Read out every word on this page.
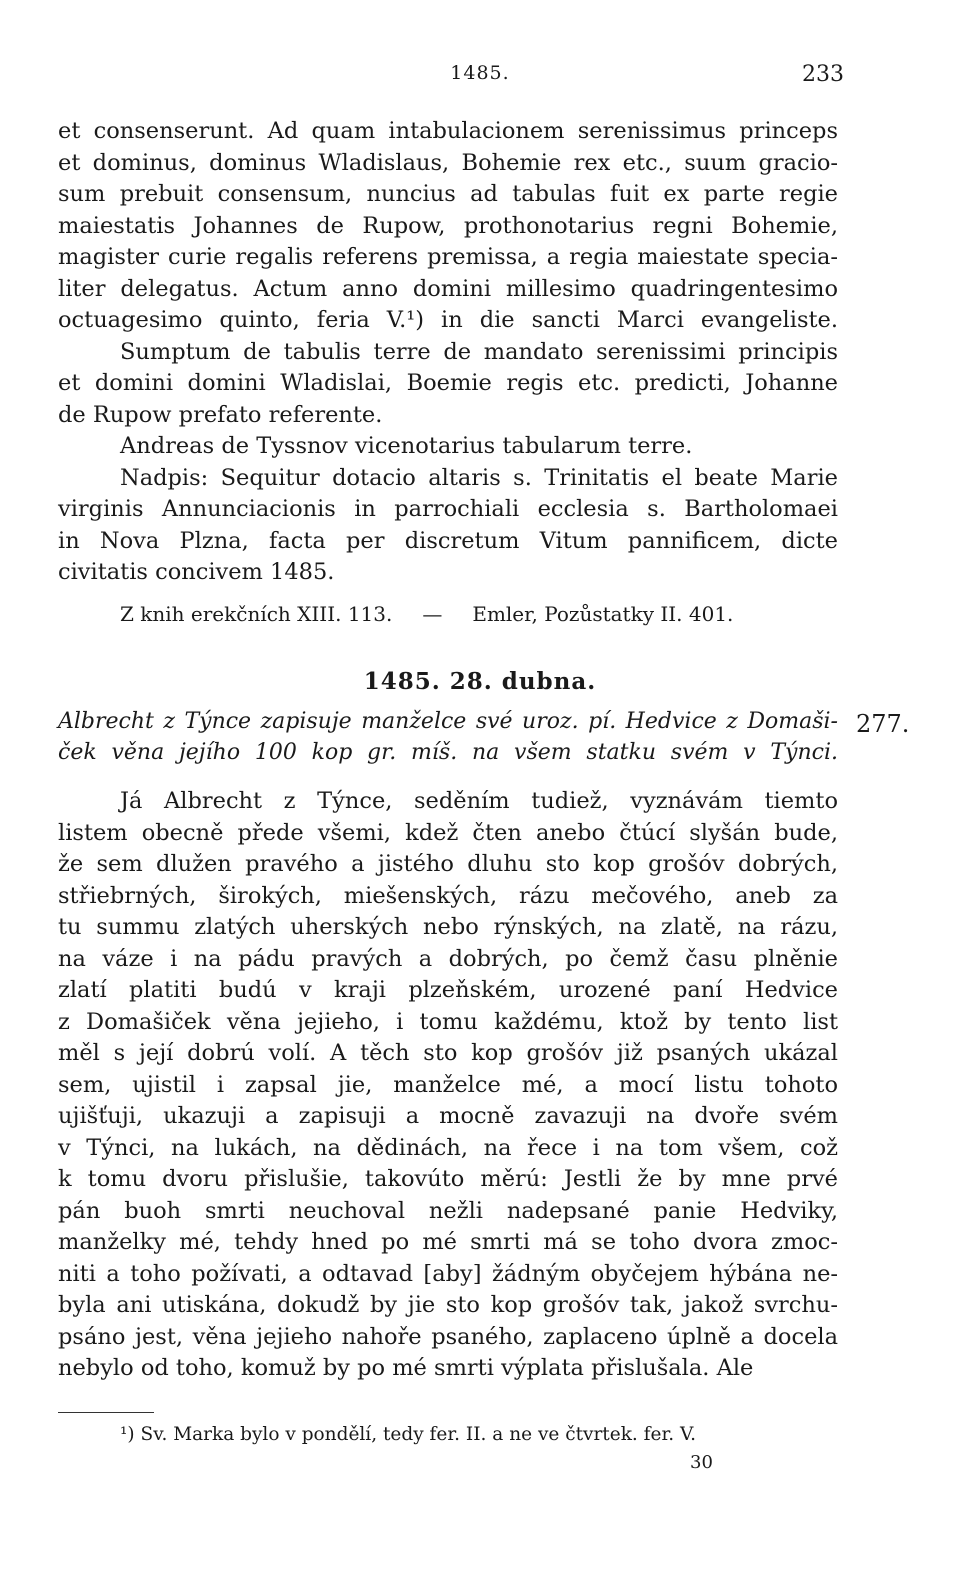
1485.	233
et consenserunt. Ad quam intabulacionem serenissimus princeps
et dominus, dominus Wladislaus, Bohemie rex etc., suum gracio-
sum prebuit consensum, nuncius ad tabulas fuit ex parte regie
maiestatis Johannes de Rupow, prothonotarius regni Bohemie,
magister curie regalis referens premissa, a regia maiestate specia-
liter delegatus. Actum anno domini millesimo quadringentesimo
octuagesimo quinto, feria V.¹) in die sancti Marci evangeliste.
Sumptum de tabulis terre de mandato serenissimi principis
et domini domini Wladislai, Boemie regis etc. predicti, Johanne
de Rupow prefato referente.
Andreas de Tyssnov vicenotarius tabularum terre.
Nadpis: Sequitur dotacio altaris s. Trinitatis el beate Marie
virginis Annunciacionis in parrochiali ecclesia s. Bartholomaei
in Nova Plzna, facta per discretum Vitum pannificem, dicte
civitatis concivem 1485.
Z knih erekčních XIII. 113. — Emler, Pozůstatky II. 401.
1485. 28. dubna.
Albrecht z Týnce zapisuje manželce své uroz. pí. Hedvice z Domaši-
ček věna jejího 100 kop gr. míš. na všem statku svém v Týnci.
277.
Já Albrecht z Týnce, seděním tudiež, vyznávám tiemto
listem obecně přede všemi, kdež čten anebo čtúcí slyšán bude,
že sem dlužen pravého a jistého dluhu sto kop grošóv dobrých,
střiebrných, širokých, miešenských, rázu mečového, aneb za
tu summu zlatých uherských nebo rýnských, na zlatě, na rázu,
na váze i na pádu pravých a dobrých, po čemž času plněnie
zlatí platiti budú v kraji plzeňském, urozené paní Hedvice
z Domašiček věna jejieho, i tomu každému, ktož by tento list
měl s její dobrú volí. A těch sto kop grošóv již psaných ukázal
sem, ujistil i zapsal jie, manželce mé, a mocí listu tohoto
ujišťuji, ukazuji a zapisuji a mocně zavazuji na dvoře svém
v Týnci, na lukách, na dědinách, na řece i na tom všem, což
k tomu dvoru přislušie, takovúto měrú: Jestli že by mne prvé
pán buoh smrti neuchoval nežli nadepsané panie Hedviky,
manželky mé, tehdy hned po mé smrti má se toho dvora zmoc-
niti a toho požívati, a odtavad [aby] žádným obyčejem hýbána ne-
byla ani utiskána, dokudž by jie sto kop grošóv tak, jakož svrchu-
psáno jest, věna jejieho nahoře psaného, zaplaceno úplně a docela
nebylo od toho, komuž by po mé smrti výplata přislušala. Ale
¹) Sv. Marka bylo v pondělí, tedy fer. II. a ne ve čtvrtek. fer. V.
30
